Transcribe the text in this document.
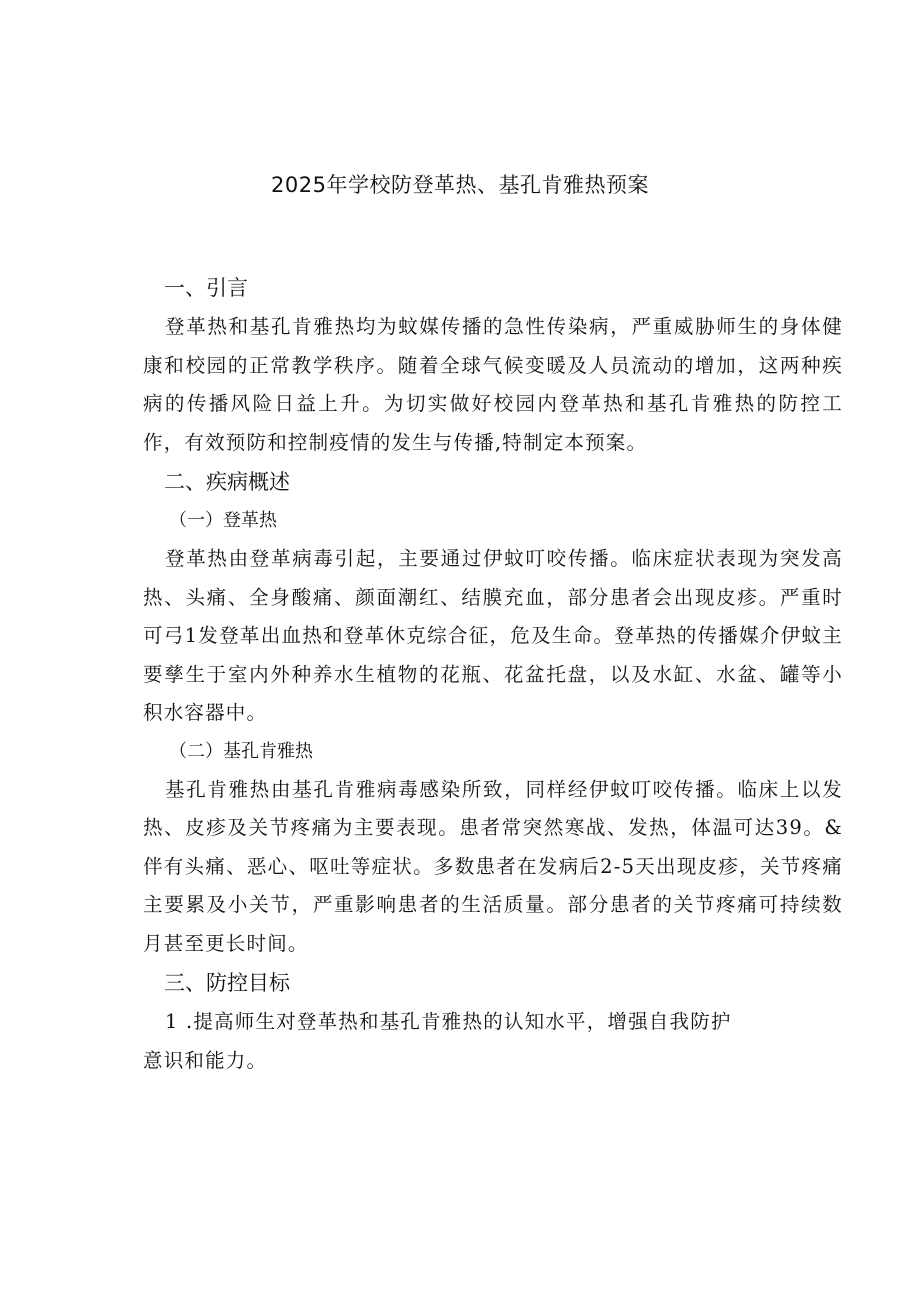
2025年学校防登革热、基孔肯雅热预案
一、引言

登革热和基孔肯雅热均为蚊媒传播的急性传染病，严重威胁师生的身体健康和校园的正常教学秩序。随着全球气候变暖及人员流动的增加，这两种疾病的传播风险日益上升。为切实做好校园内登革热和基孔肯雅热的防控工作，有效预防和控制疫情的发生与传播,特制定本预案。

二、疾病概述
（一）登革热

登革热由登革病毒引起，主要通过伊蚊叮咬传播。临床症状表现为突发高热、头痛、全身酸痛、颜面潮红、结膜充血，部分患者会出现皮疹。严重时可弓1发登革出血热和登革休克综合征，危及生命。登革热的传播媒介伊蚊主要孳生于室内外种养水生植物的花瓶、花盆托盘，以及水缸、水盆、罐等小积水容器中。

（二）基孔肯雅热

基孔肯雅热由基孔肯雅病毒感染所致，同样经伊蚊叮咬传播。临床上以发热、皮疹及关节疼痛为主要表现。患者常突然寒战、发热，体温可达39。&伴有头痛、恶心、呕吐等症状。多数患者在发病后2-5天出现皮疹，关节疼痛主要累及小关节，严重影响患者的生活质量。部分患者的关节疼痛可持续数月甚至更长时间。

三、防控目标
1 .提高师生对登革热和基孔肯雅热的认知水平，增强自我防护
意识和能力。
